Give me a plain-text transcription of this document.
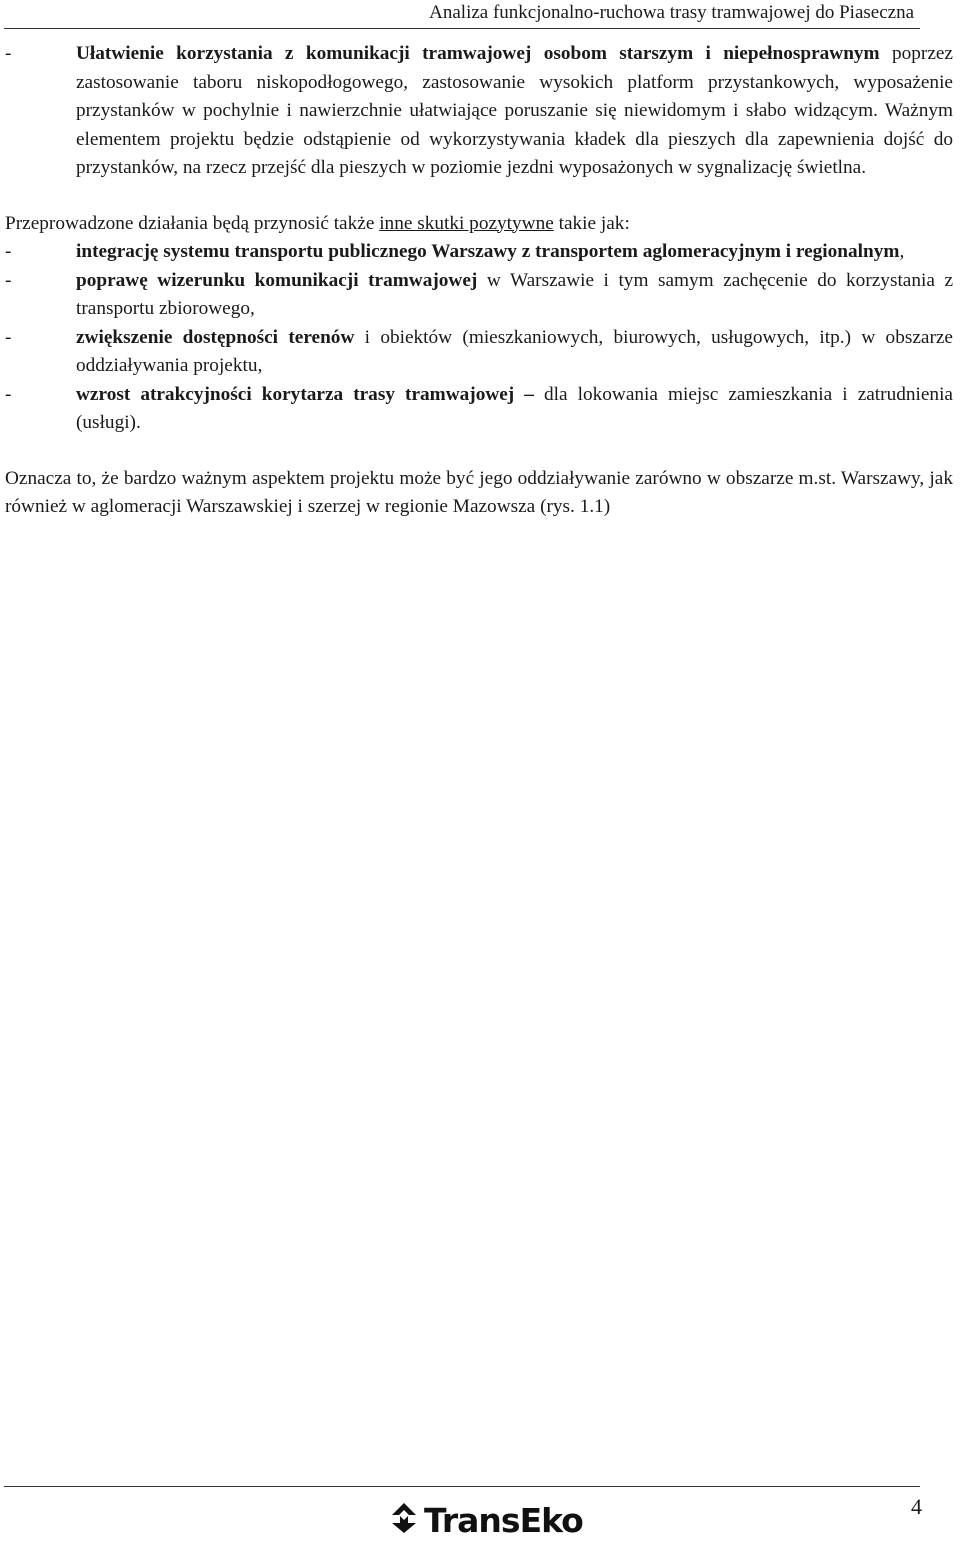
Analiza funkcjonalno-ruchowa trasy tramwajowej do Piaseczna
-	Ułatwienie korzystania z komunikacji tramwajowej osobom starszym i niepełnosprawnym poprzez zastosowanie taboru niskopodłogowego, zastosowanie wysokich platform przystankowych, wyposażenie przystanków w pochylnie i nawierzchnie ułatwiające poruszanie się niewidomym i słabo widzącym. Ważnym elementem projektu będzie odstąpienie od wykorzystywania kładek dla pieszych dla zapewnienia dojść do przystanków, na rzecz przejść dla pieszych w poziomie jezdni wyposażonych w sygnalizację świetlna.

Przeprowadzone działania będą przynosić także inne skutki pozytywne takie jak:

-	integrację systemu transportu publicznego Warszawy z transportem aglomeracyjnym i regionalnym,
-	poprawę wizerunku komunikacji tramwajowej w Warszawie i tym samym zachęcenie do korzystania z transportu zbiorowego,
-	zwiększenie dostępności terenów i obiektów (mieszkaniowych, biurowych, usługowych, itp.) w obszarze oddziaływania projektu,
-	wzrost atrakcyjności korytarza trasy tramwajowej – dla lokowania miejsc zamieszkania i zatrudnienia (usługi).

Oznacza to, że bardzo ważnym aspektem projektu może być jego oddziaływanie zarówno w obszarze m.st. Warszawy, jak również w aglomeracji Warszawskiej i szerzej w regionie Mazowsza (rys. 1.1)

4
TransEko
